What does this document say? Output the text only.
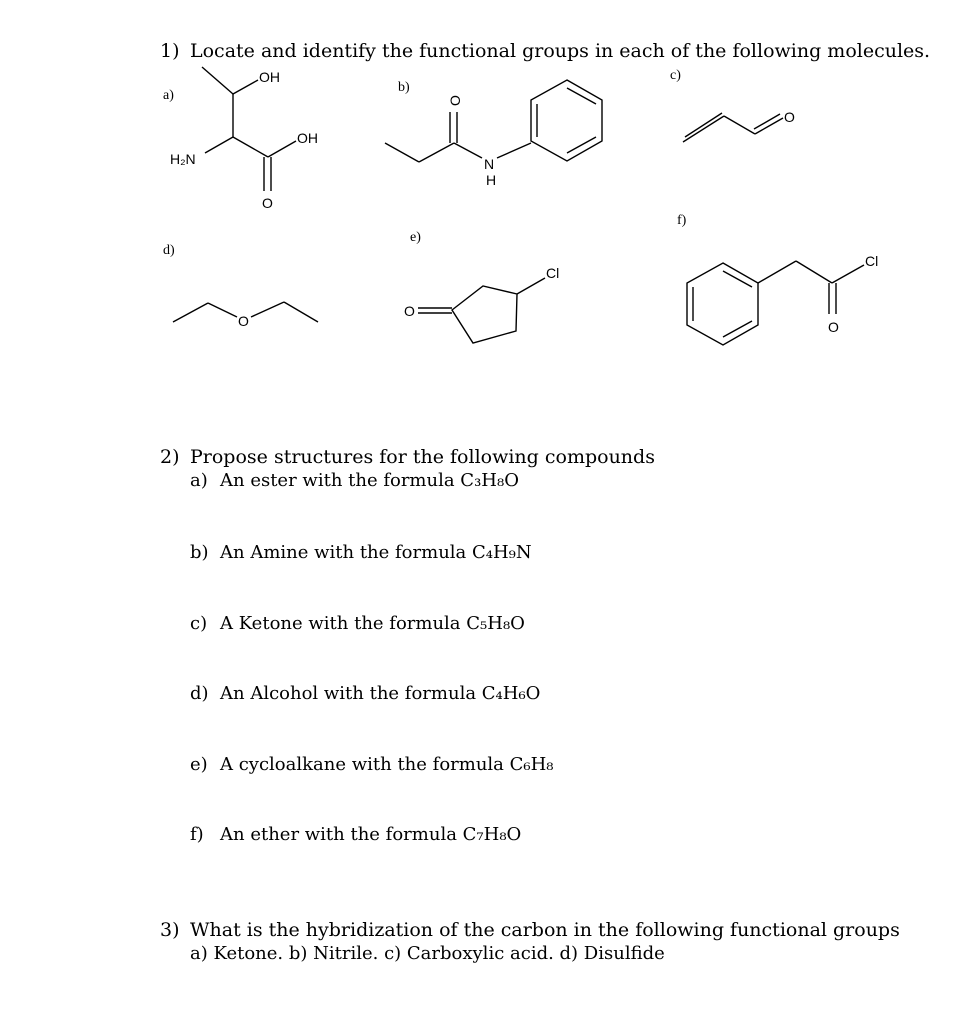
1) Locate and identify the functional groups in each of the following molecules.
a)
b)
c)
d)
e)
f)
OH
OH
H₂N
O
O
N
H
O
O
O
Cl
Cl
O
2) Propose structures for the following compounds
a) An ester with the formula C₃H₈O
b) An Amine with the formula C₄H₉N
c) A Ketone with the formula C₅H₈O
d) An Alcohol with the formula C₄H₆O
e) A cycloalkane with the formula C₆H₈
f) An ether with the formula C₇H₈O
3) What is the hybridization of the carbon in the following functional groups
a) Ketone. b) Nitrile. c) Carboxylic acid. d) Disulfide
